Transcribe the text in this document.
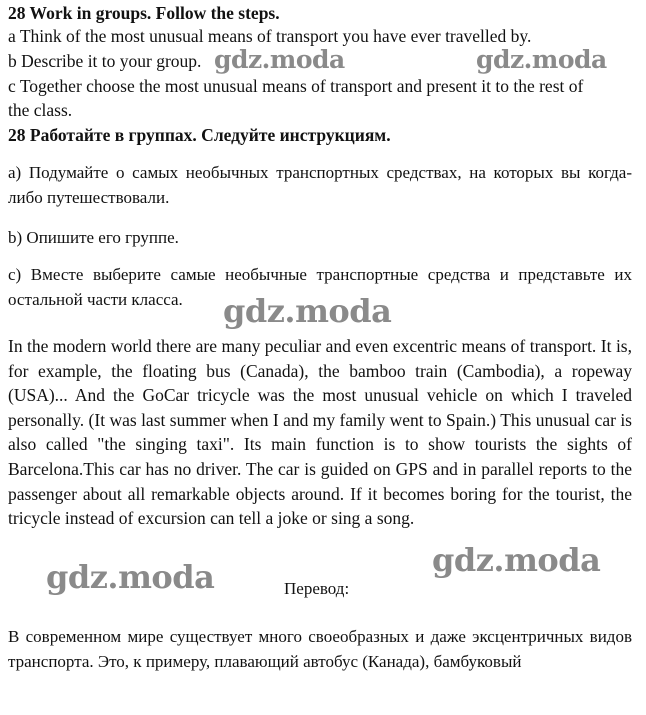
28 Work in groups. Follow the steps.
a Think of the most unusual means of transport you have ever travelled by.
b Describe it to your group.
c Together choose the most unusual means of transport and present it to the rest of
the class.
28 Работайте в группах. Следуйте инструкциям.
а) Подумайте о самых необычных транспортных средствах, на которых вы когда-либо путешествовали.
b) Опишите его группе.
с) Вместе выберите самые необычные транспортные средства и представьте их остальной части класса.
In the modern world there are many peculiar and even excentric means of transport. It is, for example, the floating bus (Canada), the bamboo train (Cambodia), a ropeway (USA)... And the GoCar tricycle was the most unusual vehicle on which I traveled personally. (It was last summer when I and my family went to Spain.) This unusual car is also called "the singing taxi". Its main function is to show tourists the sights of Barcelona.This car has no driver. The car is guided on GPS and in parallel reports to the passenger about all remarkable objects around. If it becomes boring for the tourist, the tricycle instead of excursion can tell a joke or sing a song.
Перевод:
В современном мире существует много своеобразных и даже эксцентричных видов транспорта. Это, к примеру, плавающий автобус (Канада), бамбуковый
gdz.moda	gdz.moda
gdz.moda
gdz.moda	gdz.moda
